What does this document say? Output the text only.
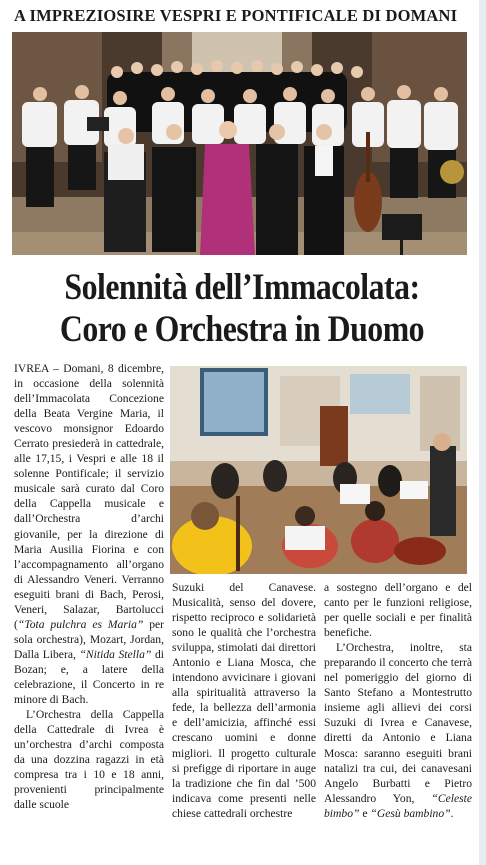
A IMPREZIOSIRE VESPRI E PONTIFICALE DI DOMANI
Solennità dell’Immacolata:
Coro e Orchestra in Duomo

IVREA – Domani, 8 dicembre, in occasione della solennità dell’Immacolata Concezione della Beata Vergine Maria, il vescovo monsignor Edoardo Cerrato presiederà in cattedrale, alle 17,15, i Vespri e alle 18 il solenne Pontificale; il servizio musicale sarà curato dal Coro della Cappella musicale e dall’Orchestra d’archi giovanile, per la direzione di Maria Ausilia Fiorina e con l’accompagnamento all’organo di Alessandro Veneri. Verranno eseguiti brani di Bach, Perosi, Veneri, Salazar, Bartolucci (“Tota pulchra es Maria” per sola orchestra), Mozart, Jordan, Dalla Libera, “Nitida Stella” di Bozan; e, a latere della celebrazione, il Concerto in re minore di Bach.

L’Orchestra della Cappella della Cattedrale di Ivrea è un’orchestra d’archi composta da una dozzina ragazzi in età compresa tra i 10 e 18 anni, provenienti principalmente dalle scuole

Suzuki del Canavese. Musicalità, senso del dovere, rispetto reciproco e solidarietà sono le qualità che l’orchestra sviluppa, stimolati dai direttori Antonio e Liana Mosca, che intendono avvicinare i giovani alla spiritualità attraverso la fede, la bellezza dell’armonia e dell’amicizia, affinché essi crescano uomini e donne migliori. Il progetto culturale si prefigge di riportare in auge la tradizione che fin dal ’500 indicava come presenti nelle chiese cattedrali orchestre

a sostegno dell’organo e del canto per le funzioni religiose, per quelle sociali e per finalità benefiche.

L’Orchestra, inoltre, sta preparando il concerto che terrà nel pomeriggio del giorno di Santo Stefano a Montestrutto insieme agli allievi dei corsi Suzuki di Ivrea e Canavese, diretti da Antonio e Liana Mosca: saranno eseguiti brani natalizi tra cui, dei canavesani Angelo Burbatti e Pietro Alessandro Yon, “Celeste bimbo” e “Gesù bambino”.
